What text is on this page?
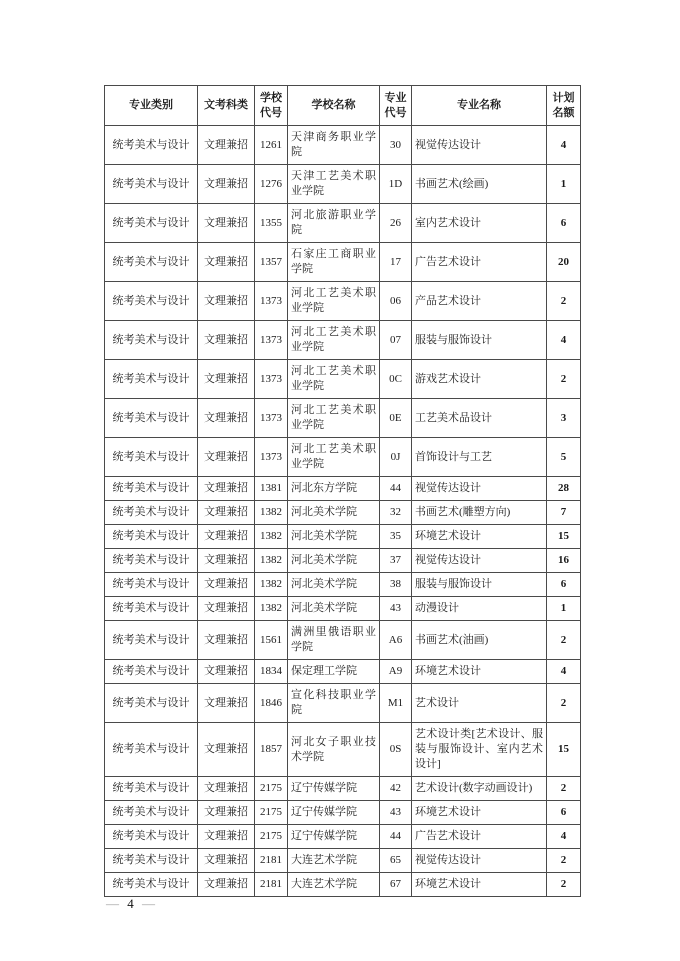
专业类别	文考科类	学校代号	学校名称	专业代号	专业名称	计划名额
统考美术与设计	文理兼招	1261	天津商务职业学院	30	视觉传达设计	4
统考美术与设计	文理兼招	1276	天津工艺美术职业学院	1D	书画艺术(绘画)	1
统考美术与设计	文理兼招	1355	河北旅游职业学院	26	室内艺术设计	6
统考美术与设计	文理兼招	1357	石家庄工商职业学院	17	广告艺术设计	20
统考美术与设计	文理兼招	1373	河北工艺美术职业学院	06	产品艺术设计	2
统考美术与设计	文理兼招	1373	河北工艺美术职业学院	07	服装与服饰设计	4
统考美术与设计	文理兼招	1373	河北工艺美术职业学院	0C	游戏艺术设计	2
统考美术与设计	文理兼招	1373	河北工艺美术职业学院	0E	工艺美术品设计	3
统考美术与设计	文理兼招	1373	河北工艺美术职业学院	0J	首饰设计与工艺	5
统考美术与设计	文理兼招	1381	河北东方学院	44	视觉传达设计	28
统考美术与设计	文理兼招	1382	河北美术学院	32	书画艺术(雕塑方向)	7
统考美术与设计	文理兼招	1382	河北美术学院	35	环境艺术设计	15
统考美术与设计	文理兼招	1382	河北美术学院	37	视觉传达设计	16
统考美术与设计	文理兼招	1382	河北美术学院	38	服装与服饰设计	6
统考美术与设计	文理兼招	1382	河北美术学院	43	动漫设计	1
统考美术与设计	文理兼招	1561	满洲里俄语职业学院	A6	书画艺术(油画)	2
统考美术与设计	文理兼招	1834	保定理工学院	A9	环境艺术设计	4
统考美术与设计	文理兼招	1846	宣化科技职业学院	M1	艺术设计	2
统考美术与设计	文理兼招	1857	河北女子职业技术学院	0S	艺术设计类[艺术设计、服装与服饰设计、室内艺术设计]	15
统考美术与设计	文理兼招	2175	辽宁传媒学院	42	艺术设计(数字动画设计)	2
统考美术与设计	文理兼招	2175	辽宁传媒学院	43	环境艺术设计	6
统考美术与设计	文理兼招	2175	辽宁传媒学院	44	广告艺术设计	4
统考美术与设计	文理兼招	2181	大连艺术学院	65	视觉传达设计	2
统考美术与设计	文理兼招	2181	大连艺术学院	67	环境艺术设计	2
— 4 —
